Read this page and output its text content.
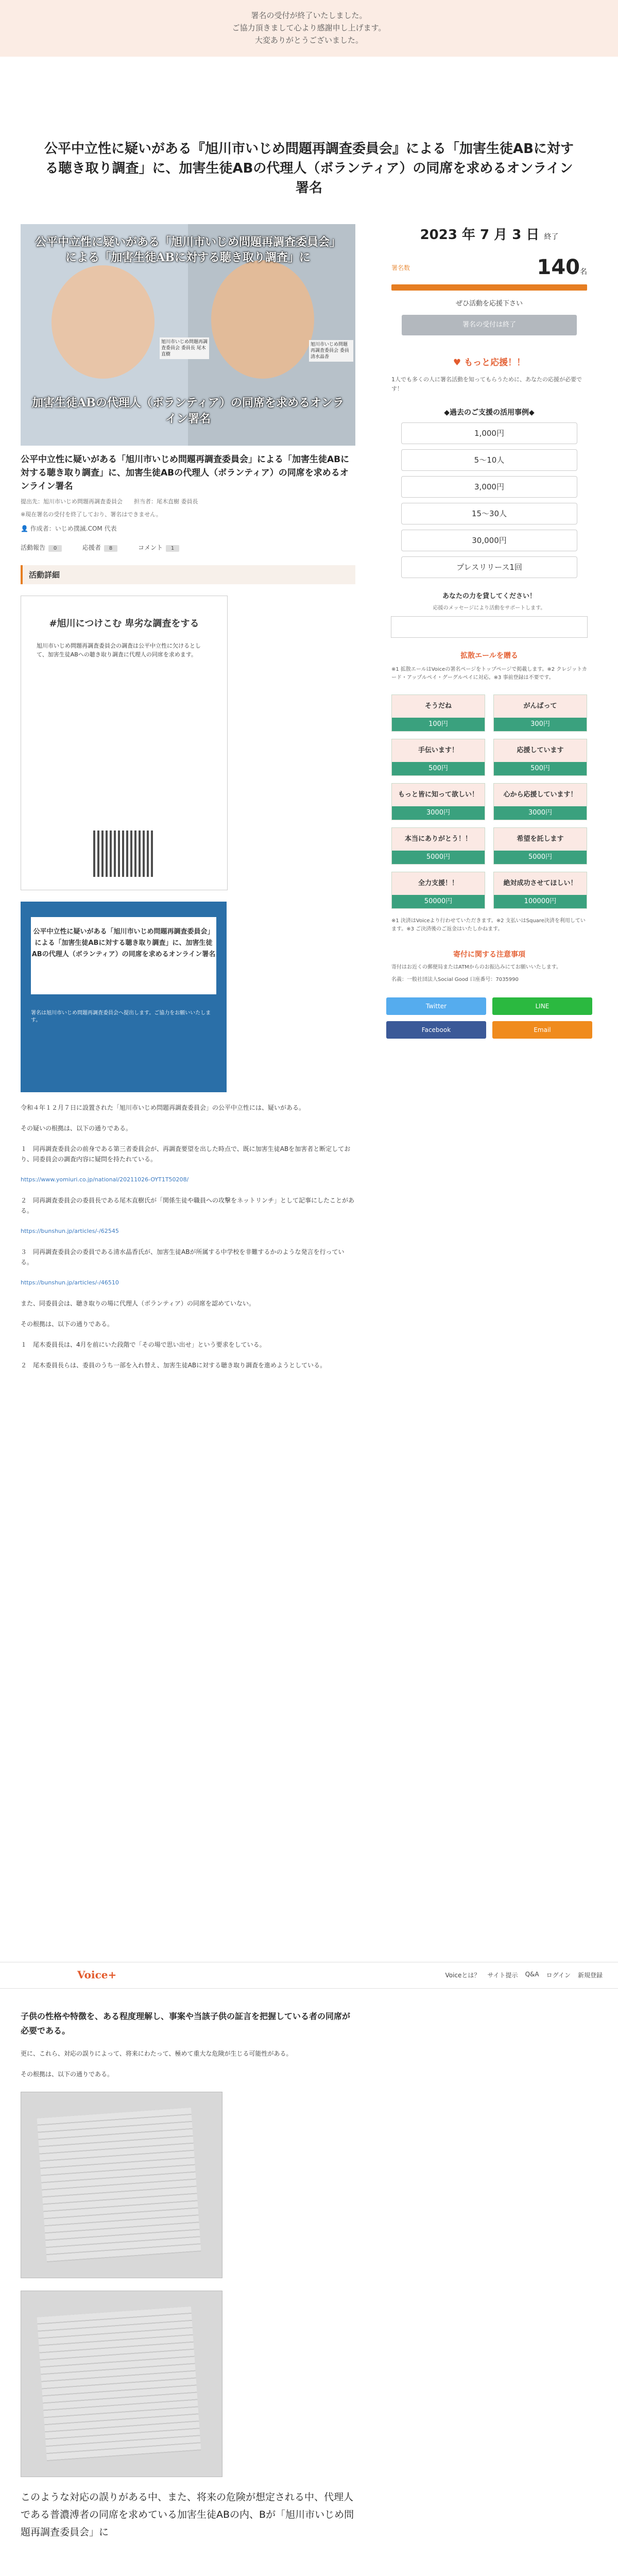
署名の受付が終了いたしました。

ご協力頂きまして心より感謝申し上げます。

大変ありがとうございました。

公平中立性に疑いがある『旭川市いじめ問題再調査委員会』による「加害生徒ABに対する聴き取り調査」に、加害生徒ABの代理人（ボランティア）の同席を求めるオンライン署名
公平中立性に疑いがある「旭川市いじめ問題再調査委員会」による「加害生徒ABに対する聴き取り調査」に
旭川市いじめ問題再調査委員会 委員長 尾木直樹
旭川市いじめ問題再調査委員会 委員 清水晶香
加害生徒ABの代理人（ボランティア）の同席を求めるオンライン署名
公平中立性に疑いがある「旭川市いじめ問題再調査委員会」による「加害生徒ABに対する聴き取り調査」に、加害生徒ABの代理人（ボランティア）の同席を求めるオンライン署名
提出先：旭川市いじめ問題再調査委員会　　担当者：尾木直樹 委員長
※現在署名の受付を終了しており、署名はできません。
👤 作成者：いじめ撲滅.COM 代表
活動報告 0	応援者 8	コメント 1
活動詳細
#旭川につけこむ 卑劣な調査をする
旭川市いじめ問題再調査委員会の調査は公平中立性に欠けるとして、加害生徒ABへの聴き取り調査に代理人の同席を求めます。
公平中立性に疑いがある「旭川市いじめ問題再調査委員会」による「加害生徒ABに対する聴き取り調査」に、加害生徒ABの代理人（ボランティア）の同席を求めるオンライン署名
署名は旭川市いじめ問題再調査委員会へ提出します。ご協力をお願いいたします。

令和４年１２月７日に設置された「旭川市いじめ問題再調査委員会」の公平中立性には、疑いがある。

その疑いの根拠は、以下の通りである。

１　同再調査委員会の前身である第三者委員会が、再調査要望を出した時点で、既に加害生徒ABを加害者と断定しており、同委員会の調査内容に疑問を持たれている。

https://www.yomiuri.co.jp/national/20211026-OYT1T50208/

２　同再調査委員会の委員長である尾木直樹氏が「関係生徒や職員への攻撃をネットリンチ」として記事にしたことがある。

https://bunshun.jp/articles/-/62545

３　同再調査委員会の委員である清水晶香氏が、加害生徒ABが所属する中学校を非難するかのような発言を行っている。

https://bunshun.jp/articles/-/46510

また、同委員会は、聴き取りの場に代理人（ボランティア）の同席を認めていない。

その根拠は、以下の通りである。

１　尾木委員長は、4月を前にいた段階で「その場で思い出せ」という要求をしている。

２　尾木委員長らは、委員のうち一部を入れ替え、加害生徒ABに対する聴き取り調査を進めようとしている。

2023 年 7 月 3 日 終了
署名数	140名
ぜひ活動を応援下さい
署名の受付は終了
♥ もっと応援！！
1人でも多くの人に署名活動を知ってもらうために、あなたの応援が必要です！
◆過去のご支援の活用事例◆
1,000円
5〜10人
3,000円
15〜30人
30,000円
プレスリリース1回
あなたの力を貸してください！
応援のメッセージにより活動をサポートします。
拡散エールを贈る
※1 拡散エールはVoiceの署名ページをトップページで掲載します。※2 クレジットカード・アップルペイ・グーグルペイに対応。※3 事前登録は不要です。
そうだね
100円
がんばって
300円
手伝います！
500円
応援しています
500円
もっと皆に知って欲しい！
3000円
心から応援しています！
3000円
本当にありがとう！！
5000円
希望を託します
5000円
全力支援！！
50000円
絶対成功させてほしい！
100000円
※1 決済はVoiceより行わせていただきます。※2 支払いはSquare決済を利用しています。※3 ご決済後のご返金はいたしかねます。
寄付に関する注意事項
寄付はお近くの郵便局またはATMからのお振込みにてお願いいたします。
名義：一般社団法人Social Good 口座番号：7035990
Twitter	LINE
Facebook	Email
Voice+	Voiceとは？ サイト提示 Q&A ログイン 新規登録

子供の性格や特徴を、ある程度理解し、事案や当該子供の証言を把握している者の同席が必要である。

更に、これら、対応の誤りによって、将来にわたって、極めて重大な危険が生じる可能性がある。

その根拠は、以下の通りである。

このような対応の誤りがある中、また、将来の危険が想定される中、代理人である普濃溥者の同席を求めている加害生徒ABの内、Bが「旭川市いじめ問題再調査委員会」に
